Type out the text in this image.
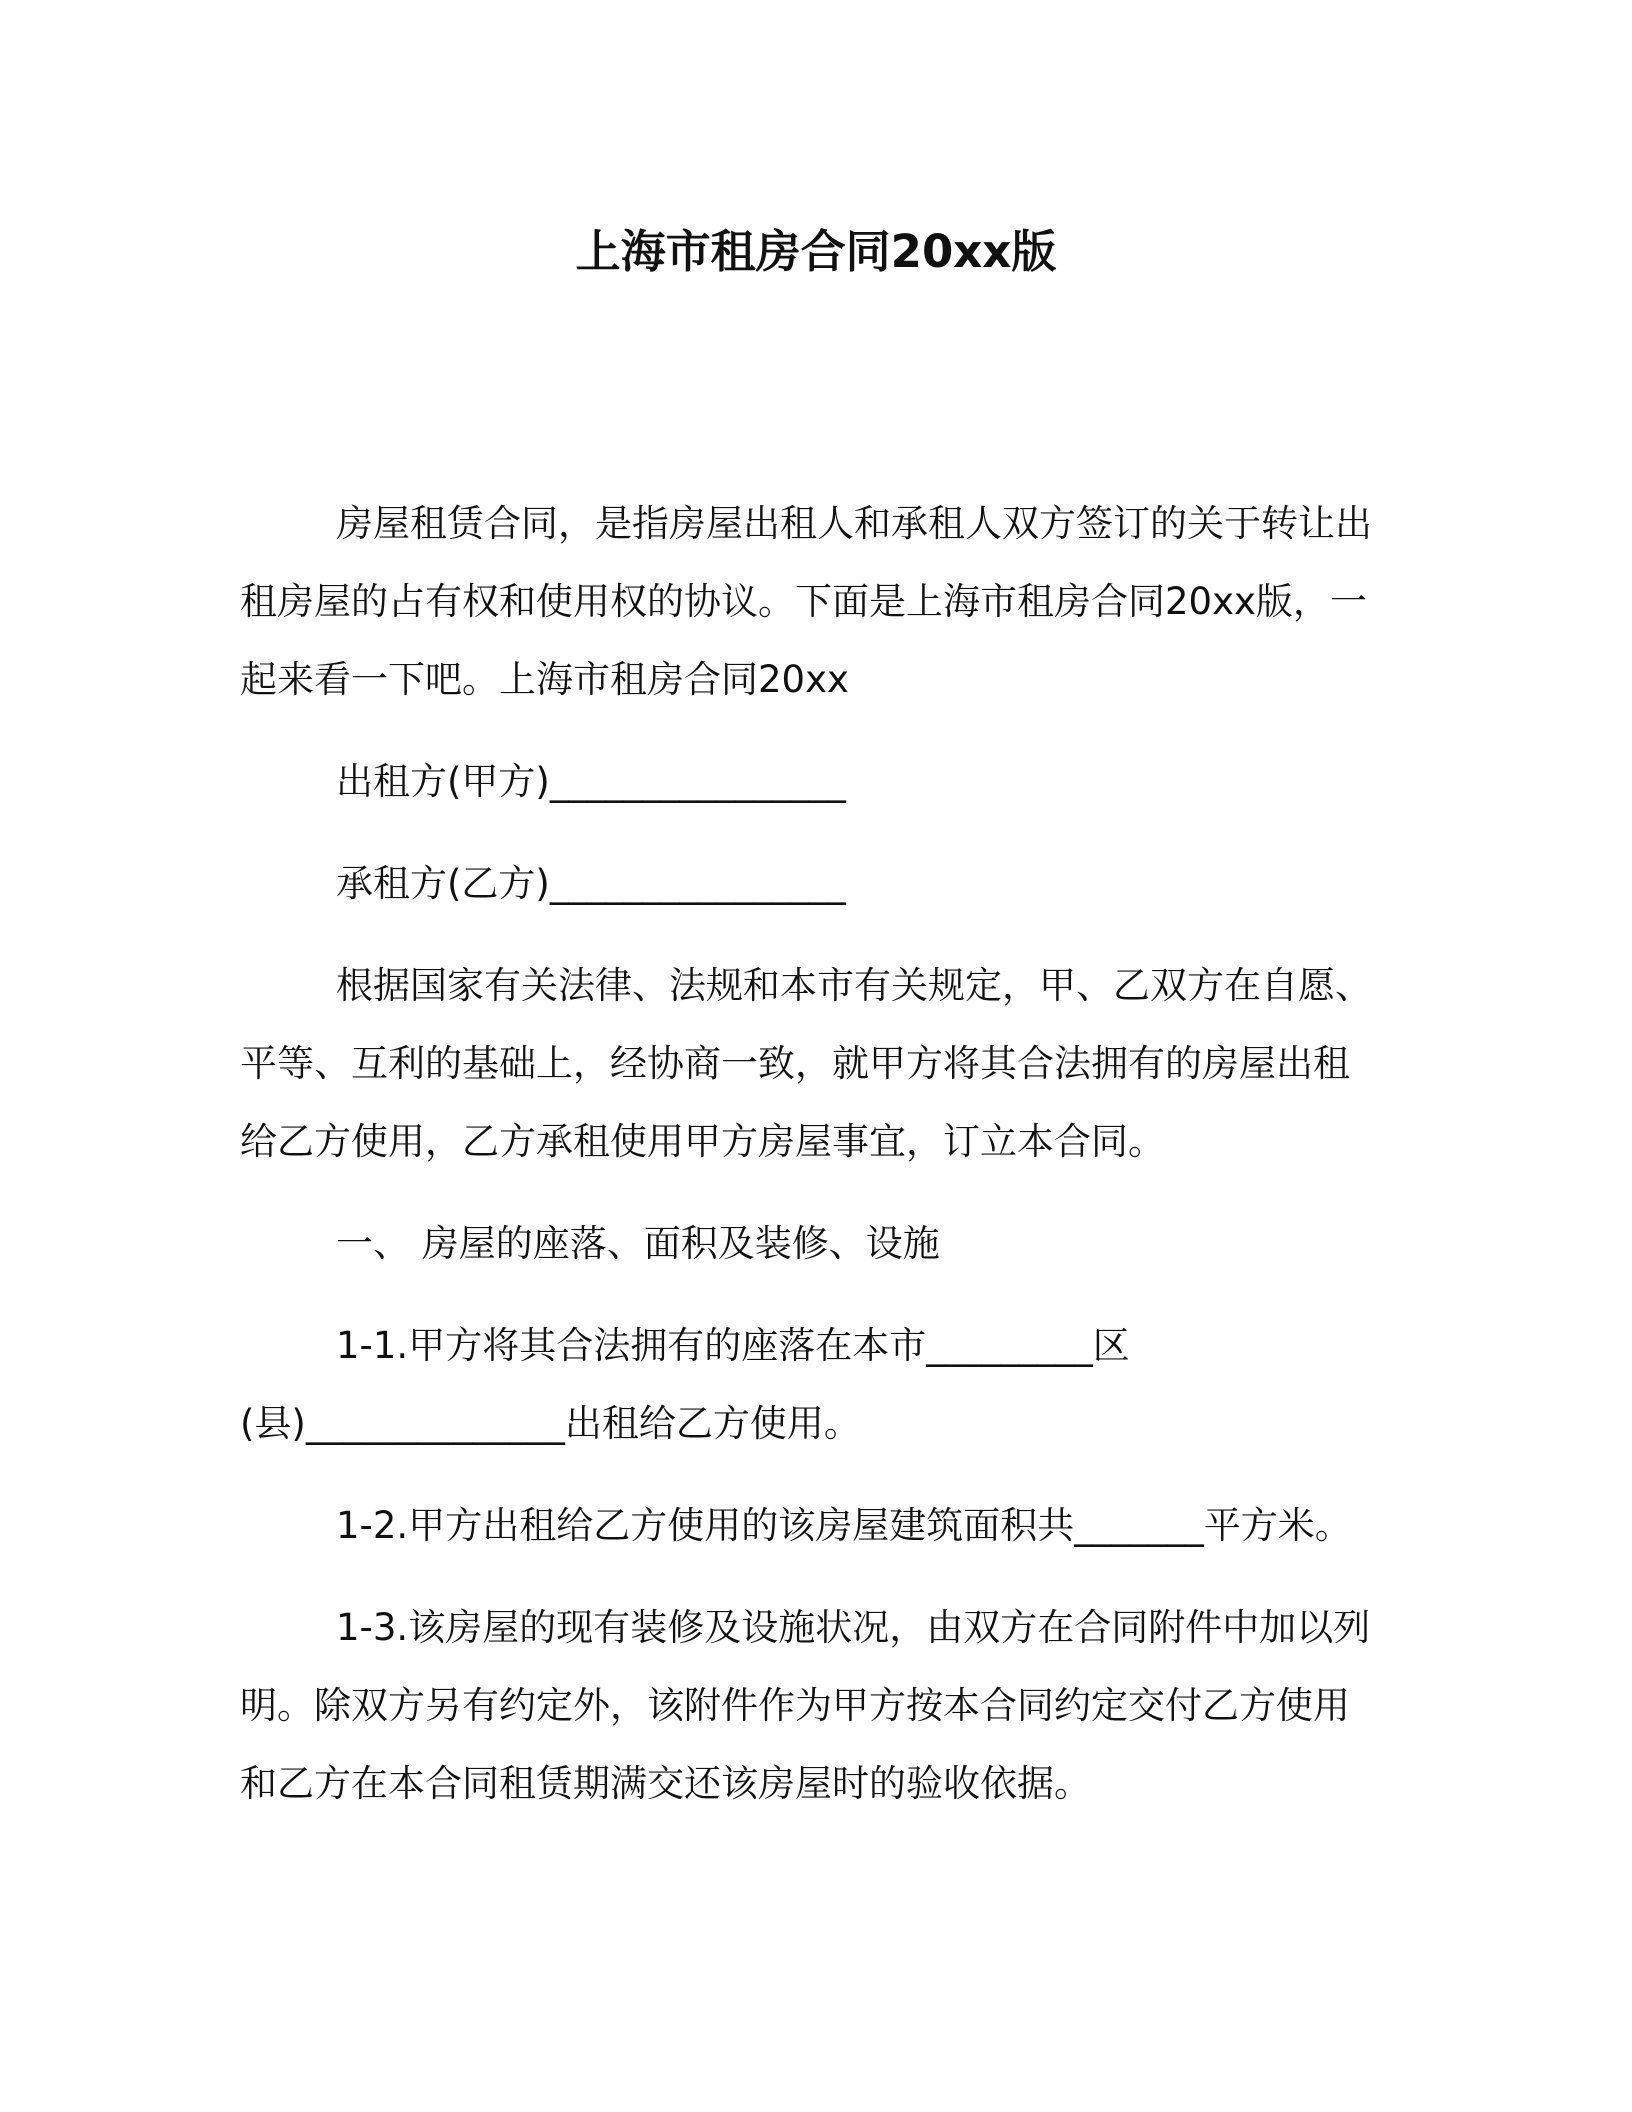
上海市租房合同20xx版
房屋租赁合同，是指房屋出租人和承租人双方签订的关于转让出
租房屋的占有权和使用权的协议。下面是上海市租房合同20xx版，一
起来看一下吧。上海市租房合同20xx
出租方(甲方)________________
承租方(乙方)________________
根据国家有关法律、法规和本市有关规定，甲、乙双方在自愿、
平等、互利的基础上，经协商一致，就甲方将其合法拥有的房屋出租
给乙方使用，乙方承租使用甲方房屋事宜，订立本合同。
一、 房屋的座落、面积及装修、设施
1-1.甲方将其合法拥有的座落在本市_________区
(县)______________出租给乙方使用。
1-2.甲方出租给乙方使用的该房屋建筑面积共_______平方米。
1-3.该房屋的现有装修及设施状况，由双方在合同附件中加以列
明。除双方另有约定外，该附件作为甲方按本合同约定交付乙方使用
和乙方在本合同租赁期满交还该房屋时的验收依据。
